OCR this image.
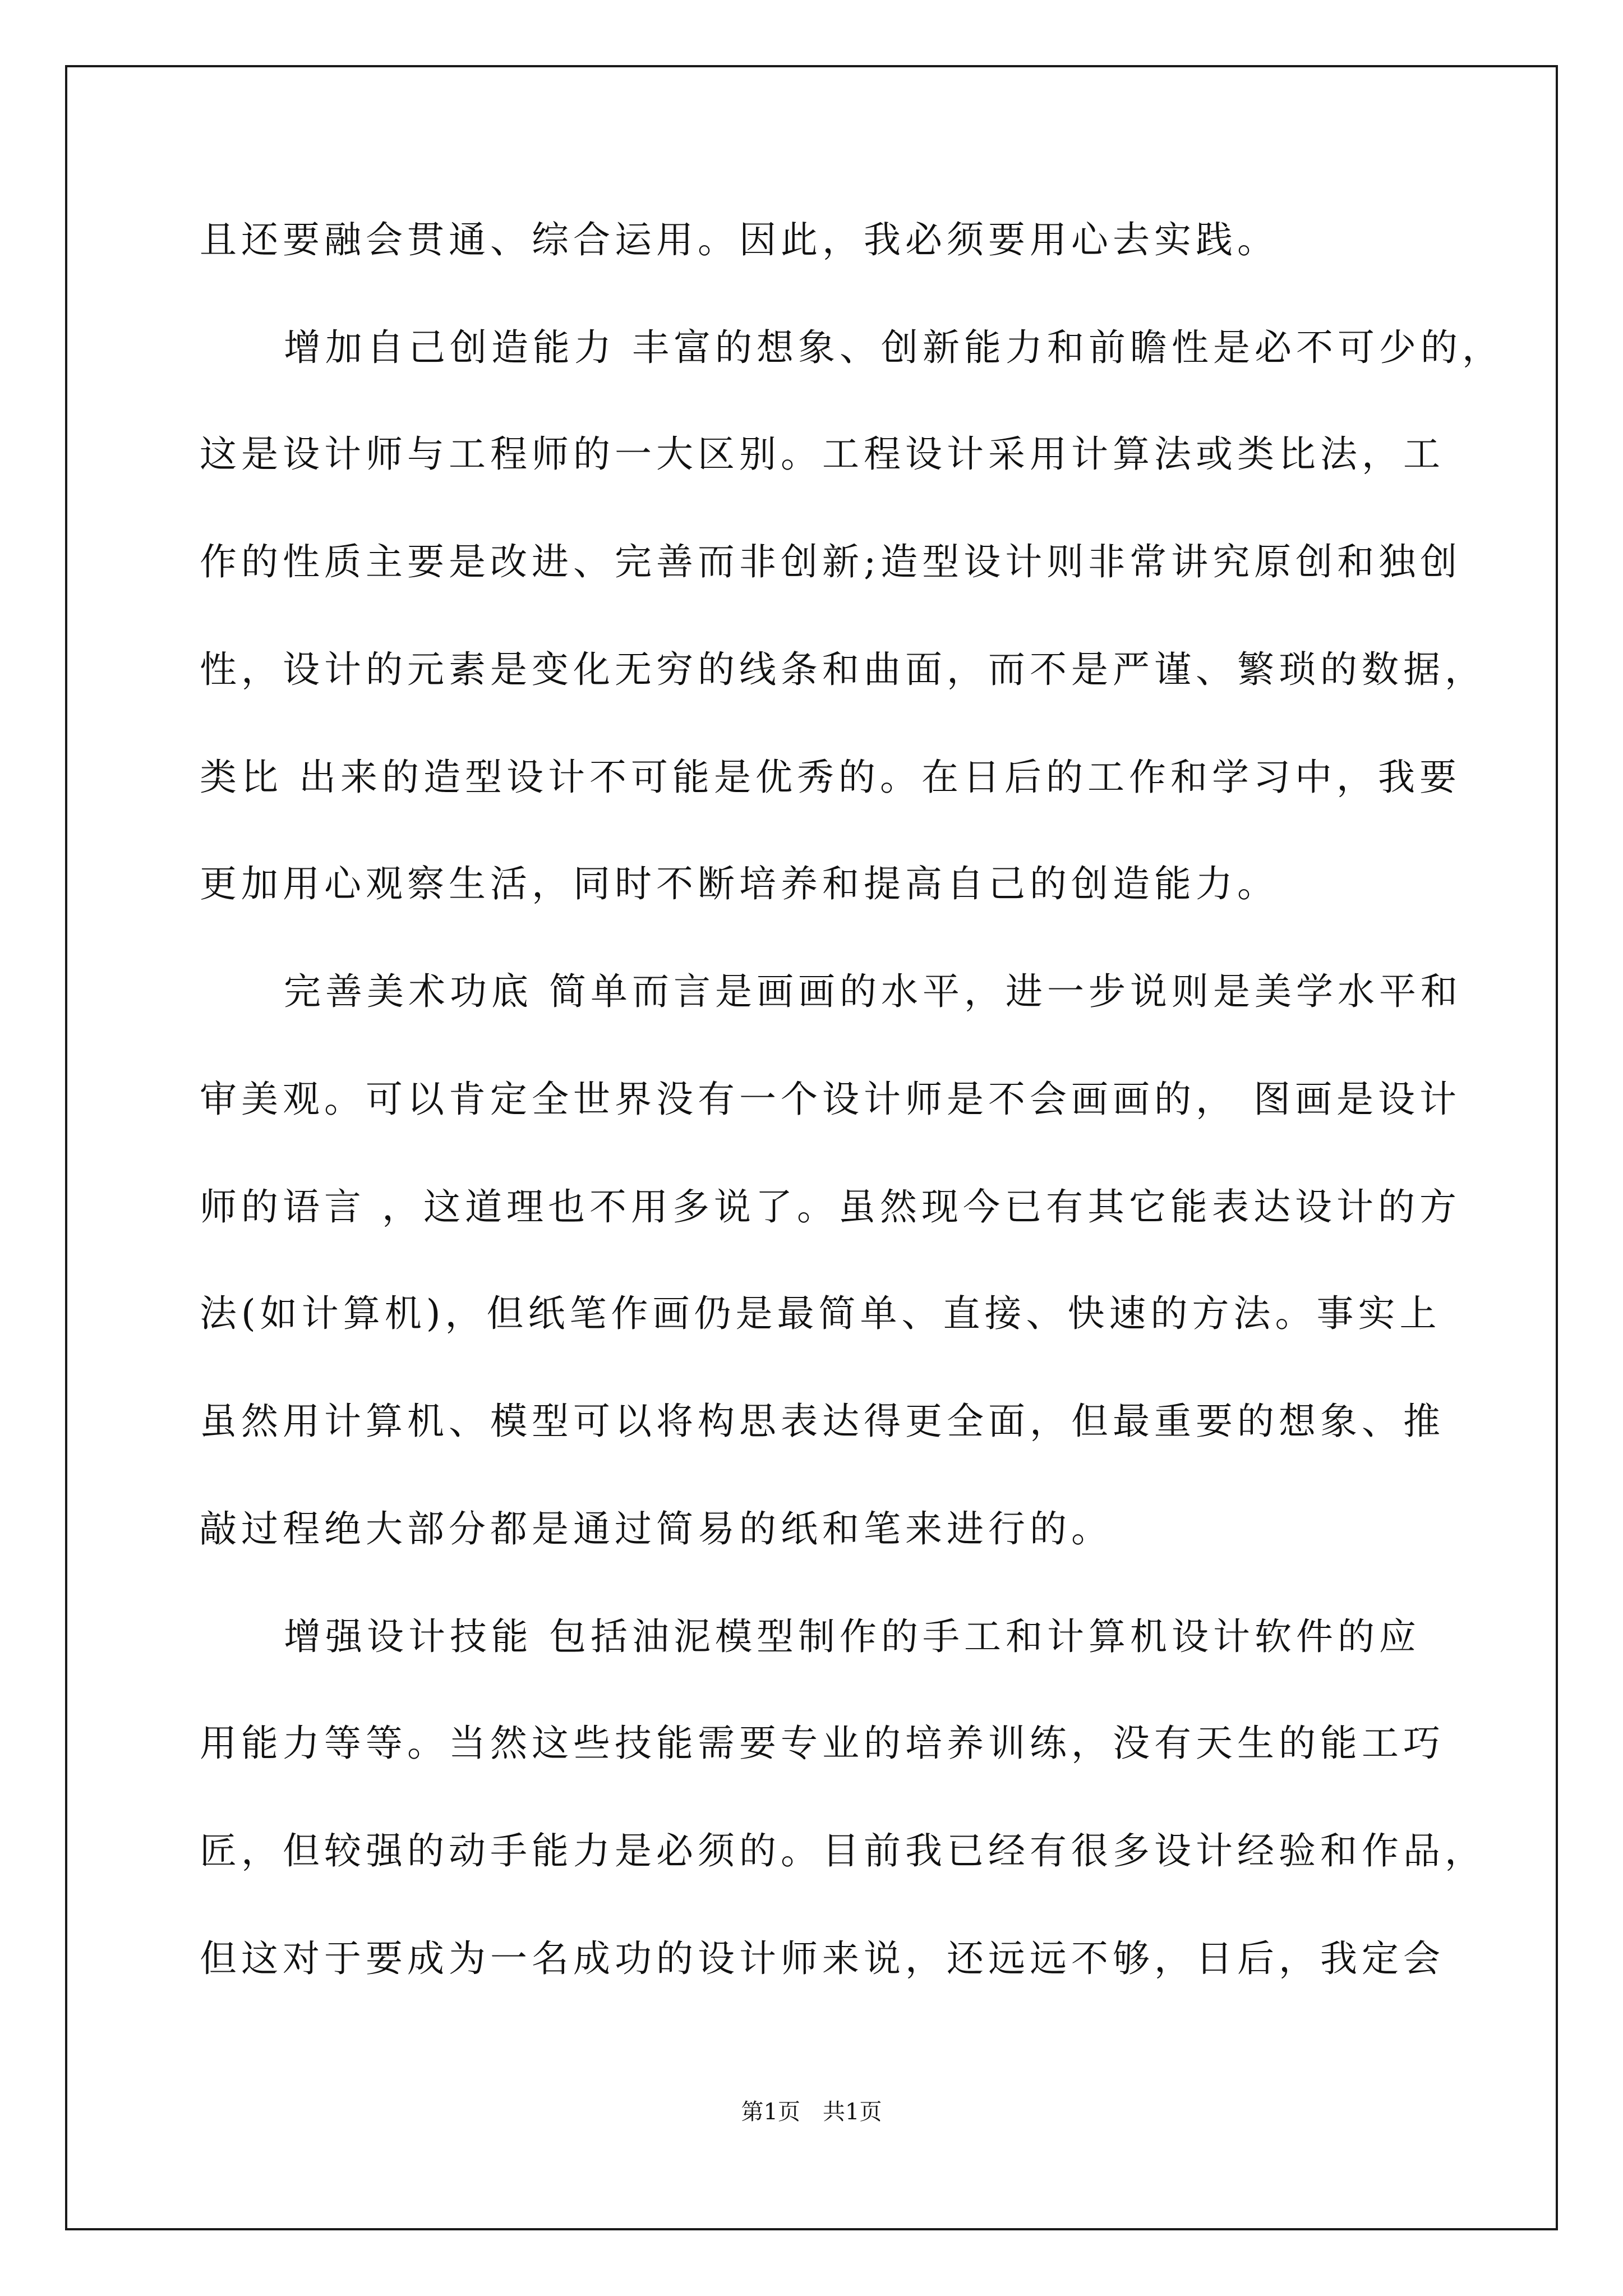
且还要融会贯通、综合运用。因此，我必须要用心去实践。
增加自己创造能力 丰富的想象、创新能力和前瞻性是必不可少的，
这是设计师与工程师的一大区别。工程设计采用计算法或类比法，工
作的性质主要是改进、完善而非创新;造型设计则非常讲究原创和独创
性，设计的元素是变化无穷的线条和曲面，而不是严谨、繁琐的数据，
类比 出来的造型设计不可能是优秀的。在日后的工作和学习中，我要
更加用心观察生活，同时不断培养和提高自己的创造能力。
完善美术功底 简单而言是画画的水平，进一步说则是美学水平和
审美观。可以肯定全世界没有一个设计师是不会画画的， 图画是设计
师的语言 ，这道理也不用多说了。虽然现今已有其它能表达设计的方
法(如计算机)，但纸笔作画仍是最简单、直接、快速的方法。事实上
虽然用计算机、模型可以将构思表达得更全面，但最重要的想象、推
敲过程绝大部分都是通过简易的纸和笔来进行的。
增强设计技能 包括油泥模型制作的手工和计算机设计软件的应
用能力等等。当然这些技能需要专业的培养训练，没有天生的能工巧
匠，但较强的动手能力是必须的。目前我已经有很多设计经验和作品，
但这对于要成为一名成功的设计师来说，还远远不够，日后，我定会
第1页　共1页
